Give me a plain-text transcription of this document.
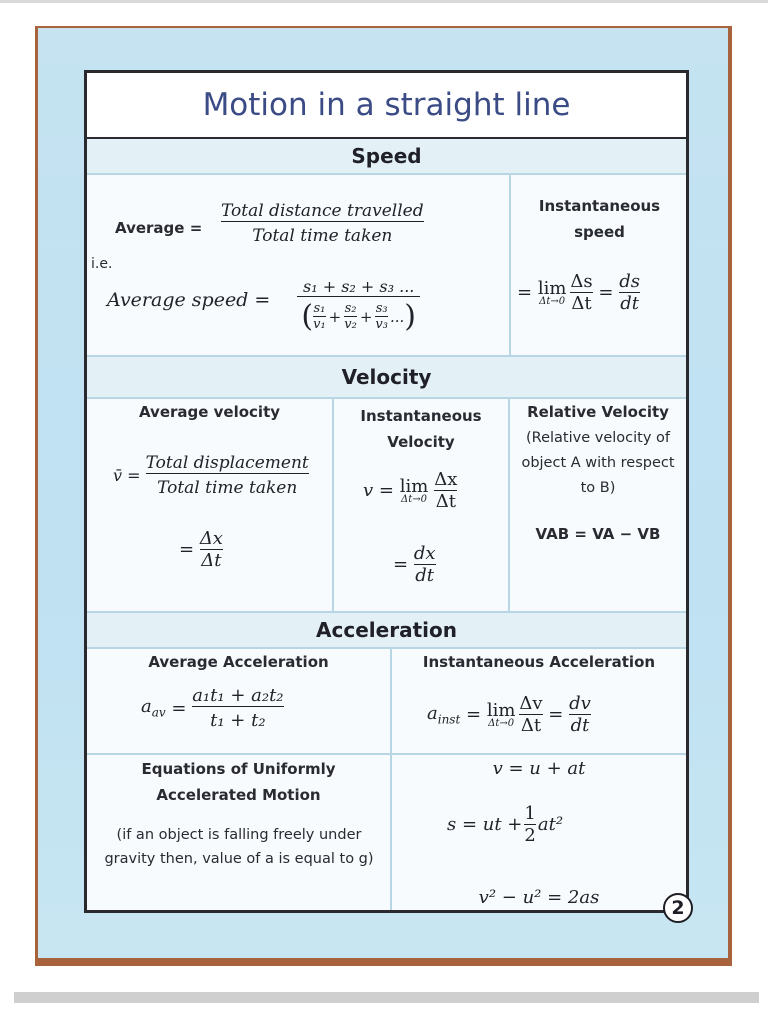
Motion in a straight line
Speed
Average =
Total distance travelled
Total time taken
i.e.
Average speed =
s₁ + s₂ + s₃ ...
( $\frac{\text{s₁}}{\text{v₁}} + \frac{\text{s₂}}{\text{v₂}} + \frac{\text{s₃}}{\text{v₃}}$ ... )
Instantaneous speed
= lim
$\Delta t\to 0 \frac{\Delta s}{\Delta t} = \frac{ds}{dt}$
Velocity
Average velocity
v̄ = $\frac{\text{Total displacement}}{\text{Total time taken}}$
= $\frac{\Delta x}{\Delta t}$
Instantaneous Velocity
v = lim
$\Delta t\to 0 \frac{\Delta x}{\Delta t}$
= $\frac{dx}{dt}$
Relative Velocity
(Relative velocity of object A with respect to B)
VAB = VA − VB
Acceleration
Average Acceleration
$a_{av} = \frac{\text{a₁t₁ + a₂t₂}}{\text{t₁ + t₂}}$
Instantaneous Acceleration
$a_{inst} = \lim$
$\Delta t\to 0 \frac{\Delta v}{\Delta t} = \frac{dv}{dt}$
Equations of Uniformly Accelerated Motion
(if an object is falling freely under gravity then, value of a is equal to g)
v = u + at
s = ut + $\frac{1}{2} at^2$
v² − u² = 2as	2
